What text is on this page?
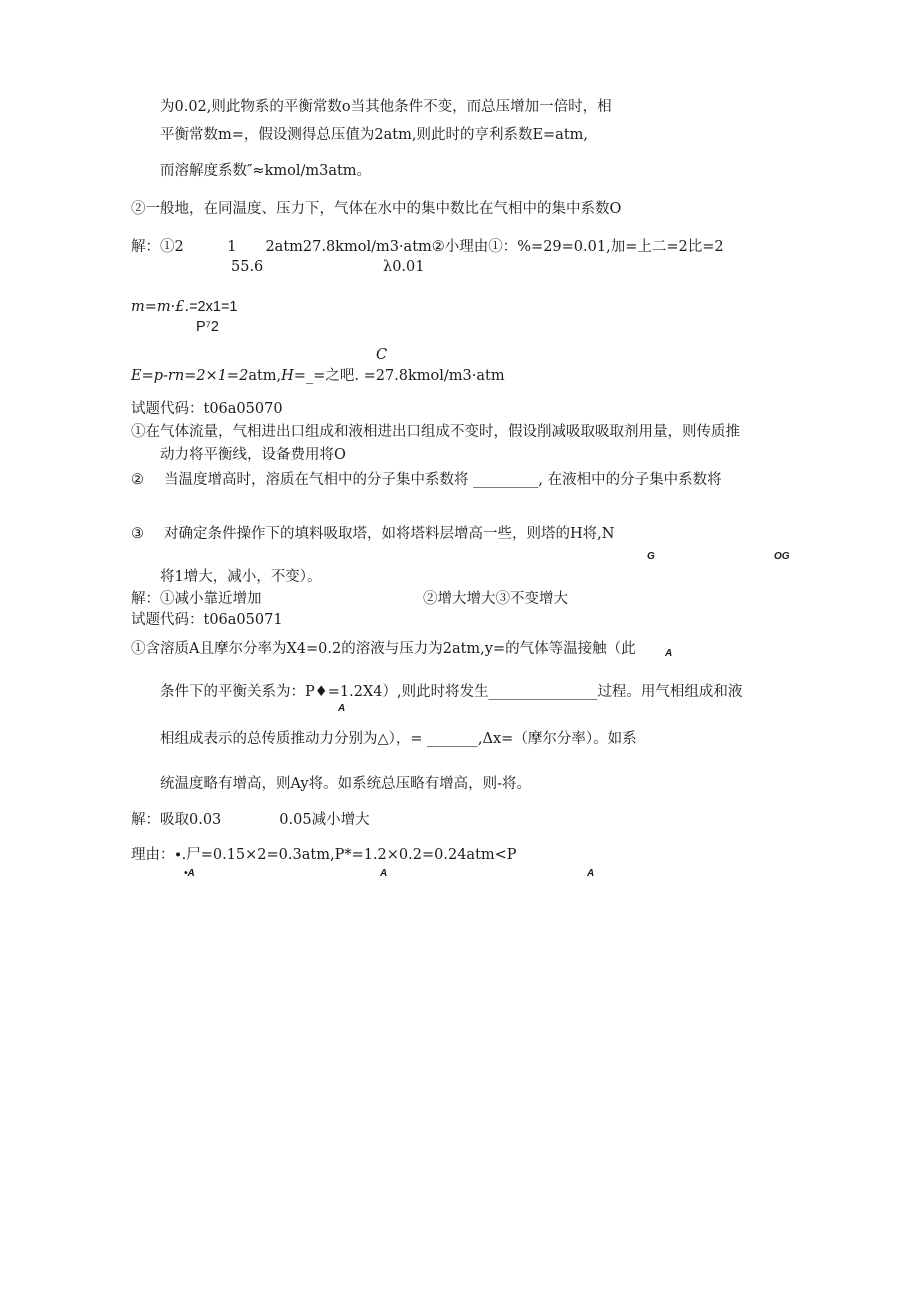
为0.02,则此物系的平衡常数o当其他条件不变，而总压增加一倍时，相
平衡常数m=，假设测得总压值为2atm,则此时的亨利系数E=atm,
而溶解度系数″≈kmol∕m3atm。
②一般地，在同温度、压力下，气体在水中的集中数比在气相中的集中系数O
解：①2　　　1　　2atm27.8kmol∕m3·atm②小理由①：%=29=0.01,加=上二=2比=2
55.6	λ0.01
m=m·£.=2x1=1
P⁷2
C
E=p-rn=2×1=2atm,H=_=之吧. =27.8kmol∕m3·atm
试题代码：t06a05070
①在气体流量，气相进出口组成和液相进出口组成不变时，假设削减吸取吸取剂用量，则传质推
动力将平衡线，设备费用将O
② 当温度增高时，溶质在气相中的分子集中系数将 _________, 在液相中的分子集中系数将
③ 对确定条件操作下的填料吸取塔，如将塔料层增高一些，则塔的H将,N
G	OG
将1增大，减小，不变）。
解：①减小靠近增加	②增大增大③不变增大
试题代码：t06a05071
①含溶质A且摩尔分率为X4=0.2的溶液与压力为2atm,y=的气体等温接触（此	A
条件下的平衡关系为：P♦=1.2X4）,则此时将发生_______________过程。用气相组成和液
A
相组成表示的总传质推动力分别为△），= _______,Δx=（摩尔分率）。如系
统温度略有增高，则Ay将。如系统总压略有增高，则-将。
解：吸取0.03　　　　0.05减小增大
理由：∙.尸=0.15×2=0.3atm,P*=1.2×0.2=0.24atm<P
•A	A	A
